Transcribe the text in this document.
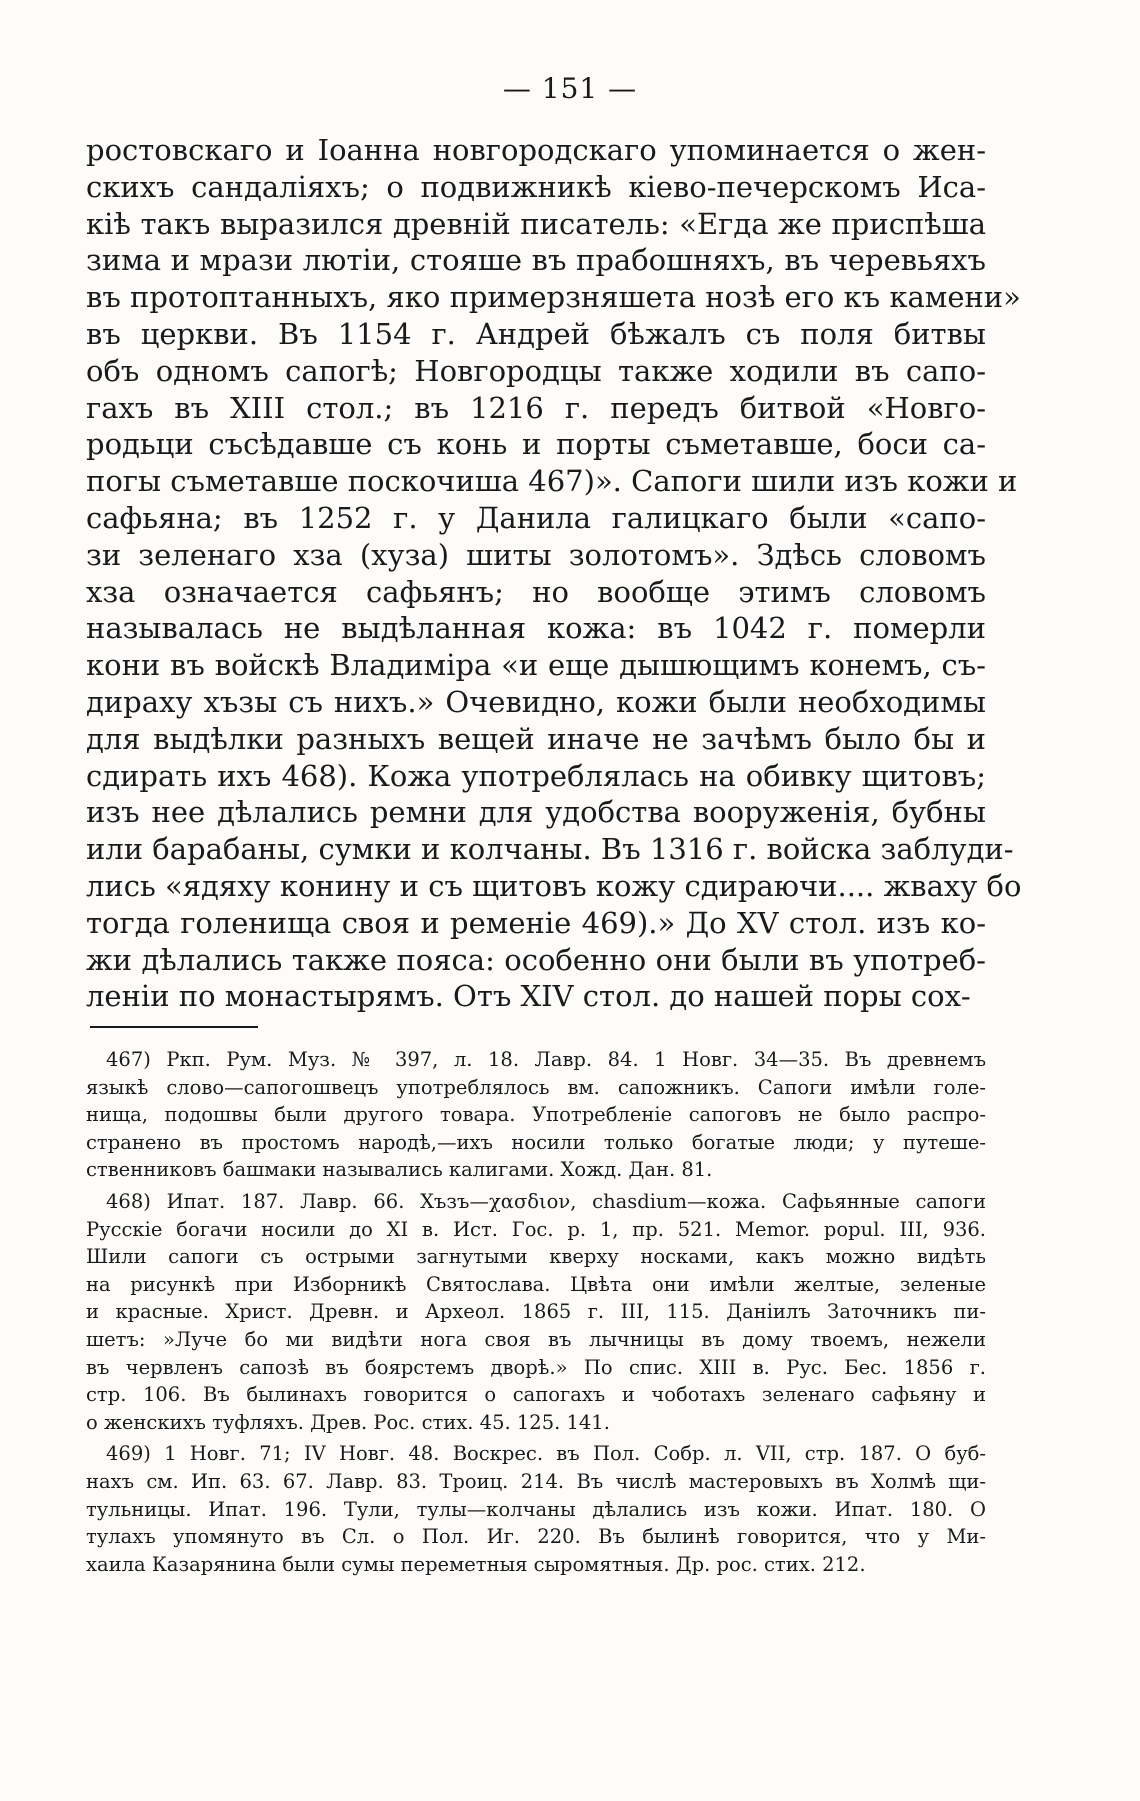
— 151 —
ростовскаго и Іоанна новгородскаго упоминается о жен-
скихъ сандаліяхъ; о подвижникѣ кіево-печерскомъ Иса-
кіѣ такъ выразился древній писатель: «Егда же приспѣша
зима и мрази лютіи, стояше въ прабошняхъ, въ черевьяхъ
въ протоптанныхъ, яко примерзняшета нозѣ его къ камени»
въ церкви. Въ 1154 г. Андрей бѣжалъ съ поля битвы
объ одномъ сапогѣ; Новгородцы также ходили въ сапо-
гахъ въ XIII стол.; въ 1216 г. передъ битвой «Новго-
родьци съсѣдавше съ конь и порты съметавше, боси са-
погы съметавше поскочиша 467)». Сапоги шили изъ кожи и
сафьяна; въ 1252 г. у Данила галицкаго были «сапо-
зи зеленаго хза (хуза) шиты золотомъ». Здѣсь словомъ
хза означается сафьянъ; но вообще этимъ словомъ
называлась не выдѣланная кожа: въ 1042 г. померли
кони въ войскѣ Владиміра «и еще дышющимъ конемъ, съ-
дираху хъзы съ нихъ.» Очевидно, кожи были необходимы
для выдѣлки разныхъ вещей иначе не зачѣмъ было бы и
сдирать ихъ 468). Кожа употреблялась на обивку щитовъ;
изъ нее дѣлались ремни для удобства вооруженія, бубны
или барабаны, сумки и колчаны. Въ 1316 г. войска заблуди-
лись «ядяху конину и съ щитовъ кожу сдираючи.... жваху бо
тогда голенища своя и ременіе 469).» До XV стол. изъ ко-
жи дѣлались также пояса: особенно они были въ употреб-
леніи по монастырямъ. Отъ XIV стол. до нашей поры сох-
467) Ркп. Рум. Муз. № 397, л. 18. Лавр. 84. 1 Новг. 34—35. Въ древнемъ
языкѣ слово—сапогошвецъ употреблялось вм. сапожникъ. Сапоги имѣли голе-
нища, подошвы были другого товара. Употребленіе сапоговъ не было распро-
странено въ простомъ народѣ,—ихъ носили только богатые люди; у путеше-
ственниковъ башмаки назывались калигами. Хожд. Дан. 81.
468) Ипат. 187. Лавр. 66. Хъзъ—χασδιον, chasdium—кожа. Сафьянные сапоги
Русскіе богачи носили до XI в. Ист. Гос. р. 1, пр. 521. Memor. popul. III, 936.
Шили сапоги съ острыми загнутыми кверху носками, какъ можно видѣть
на рисункѣ при Изборникѣ Святослава. Цвѣта они имѣли желтые, зеленые
и красные. Христ. Древн. и Археол. 1865 г. III, 115. Даніилъ Заточникъ пи-
шетъ: »Луче бо ми видѣти нога своя въ лычницы въ дому твоемъ, нежели
въ червленъ сапозѣ въ боярстемъ дворѣ.» По спис. XIII в. Рус. Бес. 1856 г.
стр. 106. Въ былинахъ говорится о сапогахъ и чоботахъ зеленаго сафьяну и
о женскихъ туфляхъ. Древ. Рос. стих. 45. 125. 141.
469) 1 Новг. 71; IV Новг. 48. Воскрес. въ Пол. Собр. л. VII, стр. 187. О буб-
нахъ см. Ип. 63. 67. Лавр. 83. Троиц. 214. Въ числѣ мастеровыхъ въ Холмѣ щи-
тульницы. Ипат. 196. Тули, тулы—колчаны дѣлались изъ кожи. Ипат. 180. О
тулахъ упомянуто въ Сл. о Пол. Иг. 220. Въ былинѣ говорится, что у Ми-
хаила Казарянина были сумы переметныя сыромятныя. Др. рос. стих. 212.
